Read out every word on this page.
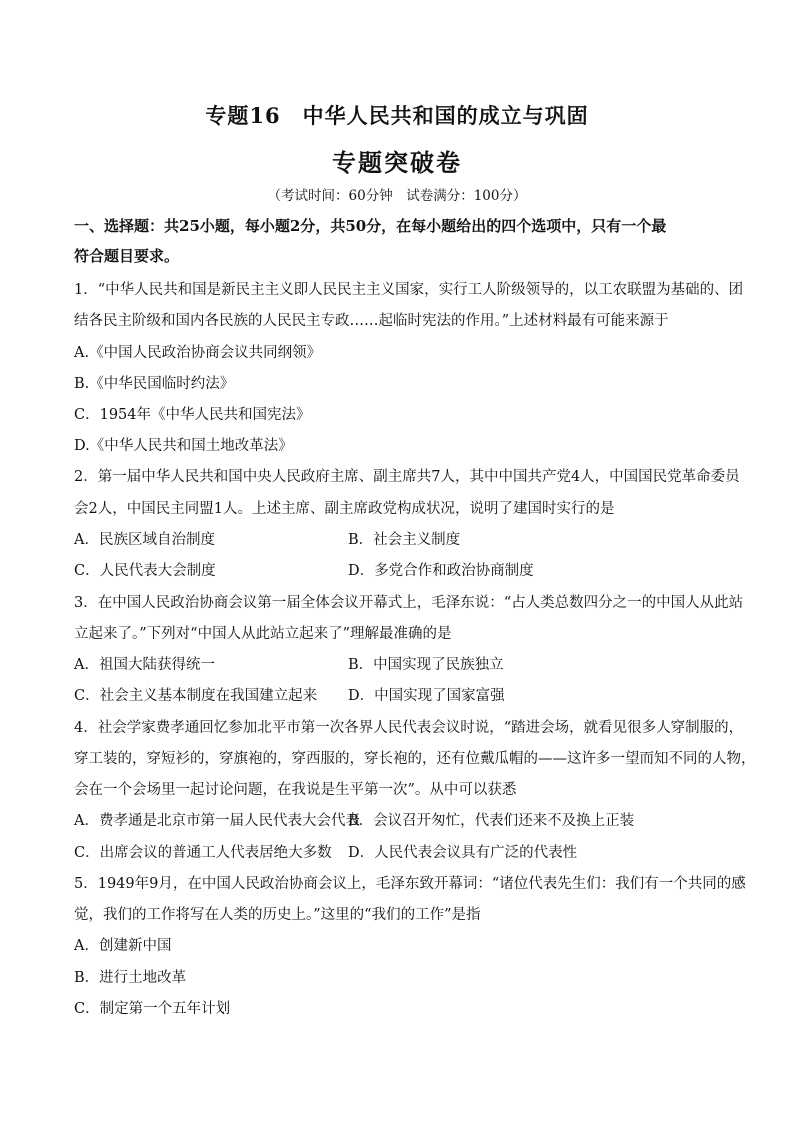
专题16　中华人民共和国的成立与巩固
专题突破卷
（考试时间：60分钟　试卷满分：100分）
一、选择题：共25小题，每小题2分，共50分，在每小题给出的四个选项中，只有一个最
符合题目要求。
1．“中华人民共和国是新民主主义即人民民主主义国家，实行工人阶级领导的，以工农联盟为基础的、团
结各民主阶级和国内各民族的人民民主专政……起临时宪法的作用。”上述材料最有可能来源于
A.《中国人民政治协商会议共同纲领》
B.《中华民国临时约法》
C．1954年《中华人民共和国宪法》
D.《中华人民共和国土地改革法》
2．第一届中华人民共和国中央人民政府主席、副主席共7人，其中中国共产党4人，中国国民党革命委员
会2人，中国民主同盟1人。上述主席、副主席政党构成状况，说明了建国时实行的是
A．民族区域自治制度	B．社会主义制度
C．人民代表大会制度	D．多党合作和政治协商制度
3．在中国人民政治协商会议第一届全体会议开幕式上，毛泽东说：“占人类总数四分之一的中国人从此站
立起来了。”下列对“中国人从此站立起来了”理解最准确的是
A．祖国大陆获得统一	B．中国实现了民族独立
C．社会主义基本制度在我国建立起来 D．中国实现了国家富强
4．社会学家费孝通回忆参加北平市第一次各界人民代表会议时说，“踏进会场，就看见很多人穿制服的，
穿工装的，穿短衫的，穿旗袍的，穿西服的，穿长袍的，还有位戴瓜帽的——这许多一望而知不同的人物，
会在一个会场里一起讨论问题，在我说是生平第一次”。从中可以获悉
A．费孝通是北京市第一届人民代表大会代表
B．会议召开匆忙，代表们还来不及换上正装
C．出席会议的普通工人代表居绝大多数 D．人民代表会议具有广泛的代表性
5．1949年9月，在中国人民政治协商会议上，毛泽东致开幕词：“诸位代表先生们：我们有一个共同的感
觉，我们的工作将写在人类的历史上。”这里的“我们的工作”是指
A．创建新中国
B．进行土地改革
C．制定第一个五年计划
